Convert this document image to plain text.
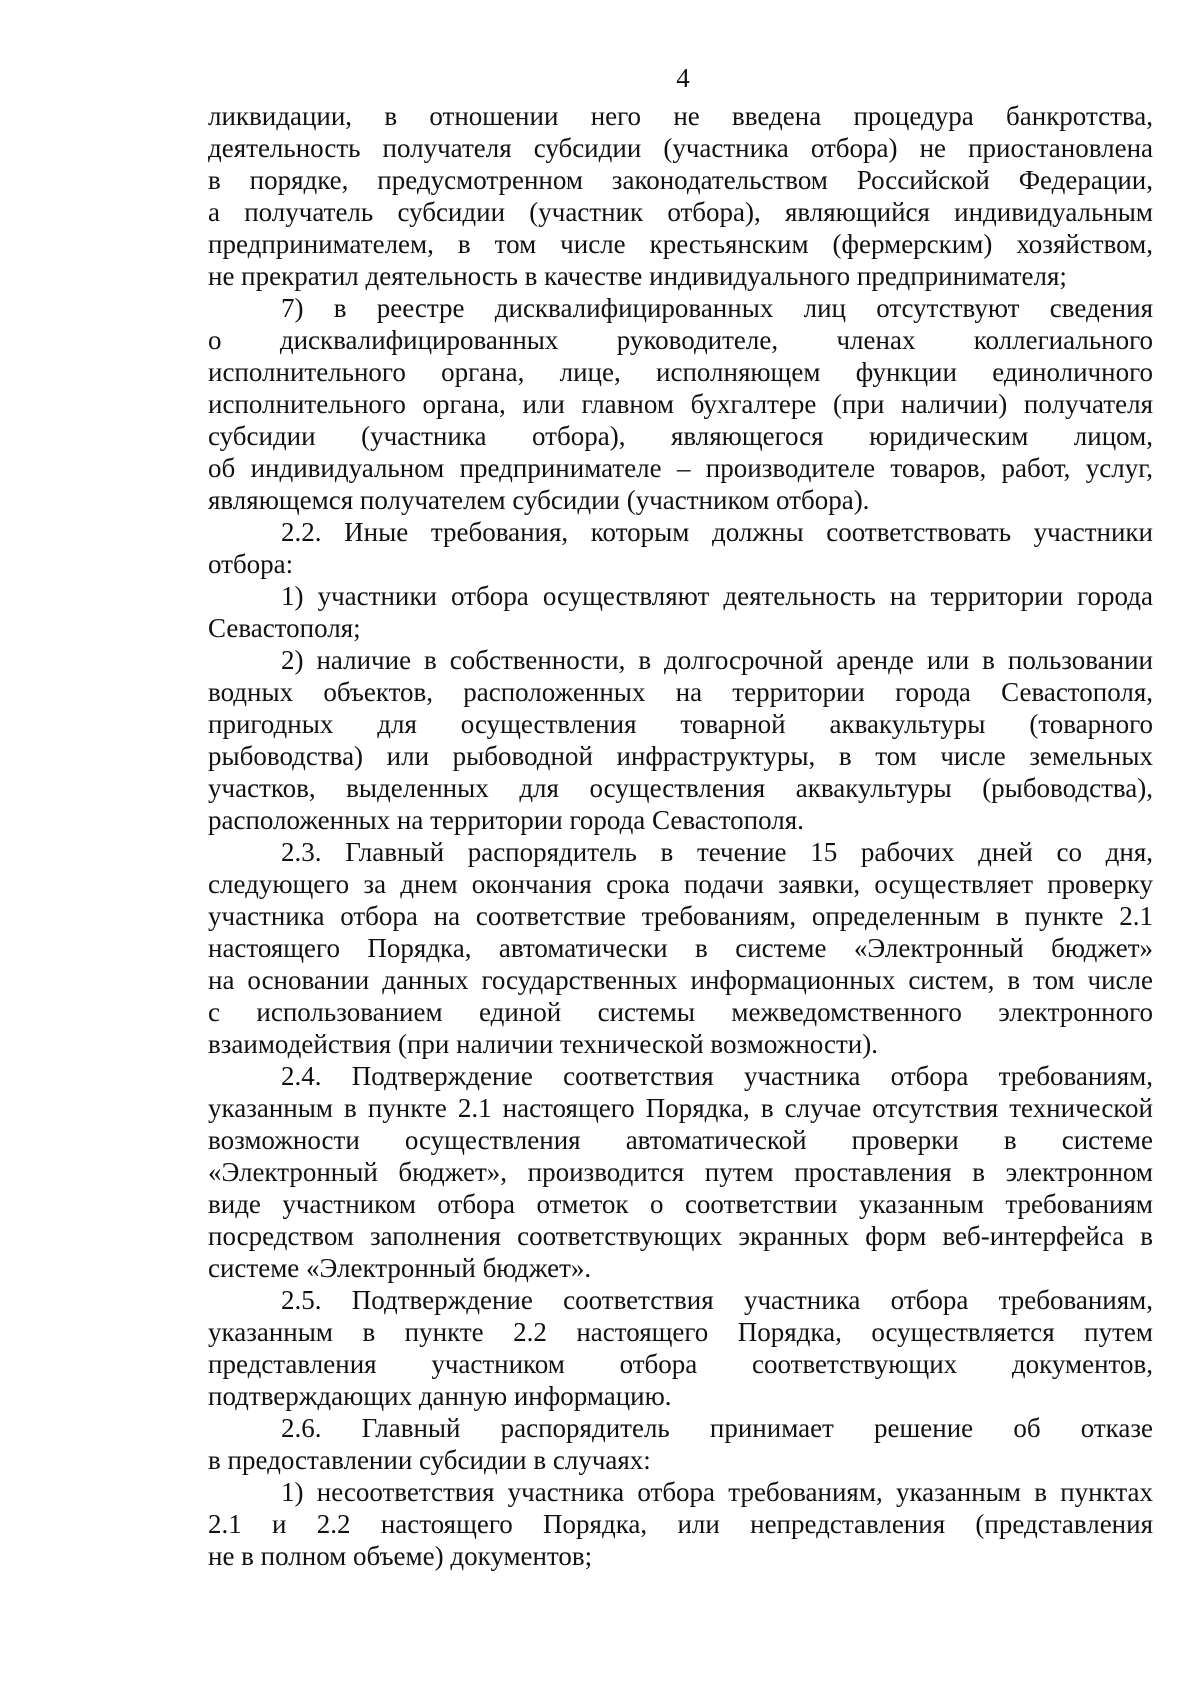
4

ликвидации, в отношении него не введена процедура банкротства,
деятельность получателя субсидии (участника отбора) не приостановлена
в порядке, предусмотренном законодательством Российской Федерации,
а получатель субсидии (участник отбора), являющийся индивидуальным
предпринимателем, в том числе крестьянским (фермерским) хозяйством,
не прекратил деятельность в качестве индивидуального предпринимателя;

7) в реестре дисквалифицированных лиц отсутствуют сведения
о дисквалифицированных руководителе, членах коллегиального
исполнительного органа, лице, исполняющем функции единоличного
исполнительного органа, или главном бухгалтере (при наличии) получателя
субсидии (участника отбора), являющегося юридическим лицом,
об индивидуальном предпринимателе – производителе товаров, работ, услуг,
являющемся получателем субсидии (участником отбора).

2.2. Иные требования, которым должны соответствовать участники
отбора:

1) участники отбора осуществляют деятельность на территории города
Севастополя;

2) наличие в собственности, в долгосрочной аренде или в пользовании
водных объектов, расположенных на территории города Севастополя,
пригодных для осуществления товарной аквакультуры (товарного
рыбоводства) или рыбоводной инфраструктуры, в том числе земельных
участков, выделенных для осуществления аквакультуры (рыбоводства),
расположенных на территории города Севастополя.

2.3. Главный распорядитель в течение 15 рабочих дней со дня,
следующего за днем окончания срока подачи заявки, осуществляет проверку
участника отбора на соответствие требованиям, определенным в пункте 2.1
настоящего Порядка, автоматически в системе «Электронный бюджет»
на основании данных государственных информационных систем, в том числе
с использованием единой системы межведомственного электронного
взаимодействия (при наличии технической возможности).

2.4. Подтверждение соответствия участника отбора требованиям,
указанным в пункте 2.1 настоящего Порядка, в случае отсутствия технической
возможности осуществления автоматической проверки в системе
«Электронный бюджет», производится путем проставления в электронном
виде участником отбора отметок о соответствии указанным требованиям
посредством заполнения соответствующих экранных форм веб-интерфейса в
системе «Электронный бюджет».

2.5. Подтверждение соответствия участника отбора требованиям,
указанным в пункте 2.2 настоящего Порядка, осуществляется путем
представления участником отбора соответствующих документов,
подтверждающих данную информацию.

2.6. Главный распорядитель принимает решение об отказе
в предоставлении субсидии в случаях:

1) несоответствия участника отбора требованиям, указанным в пунктах
2.1 и 2.2 настоящего Порядка, или непредставления (представления
не в полном объеме) документов;
